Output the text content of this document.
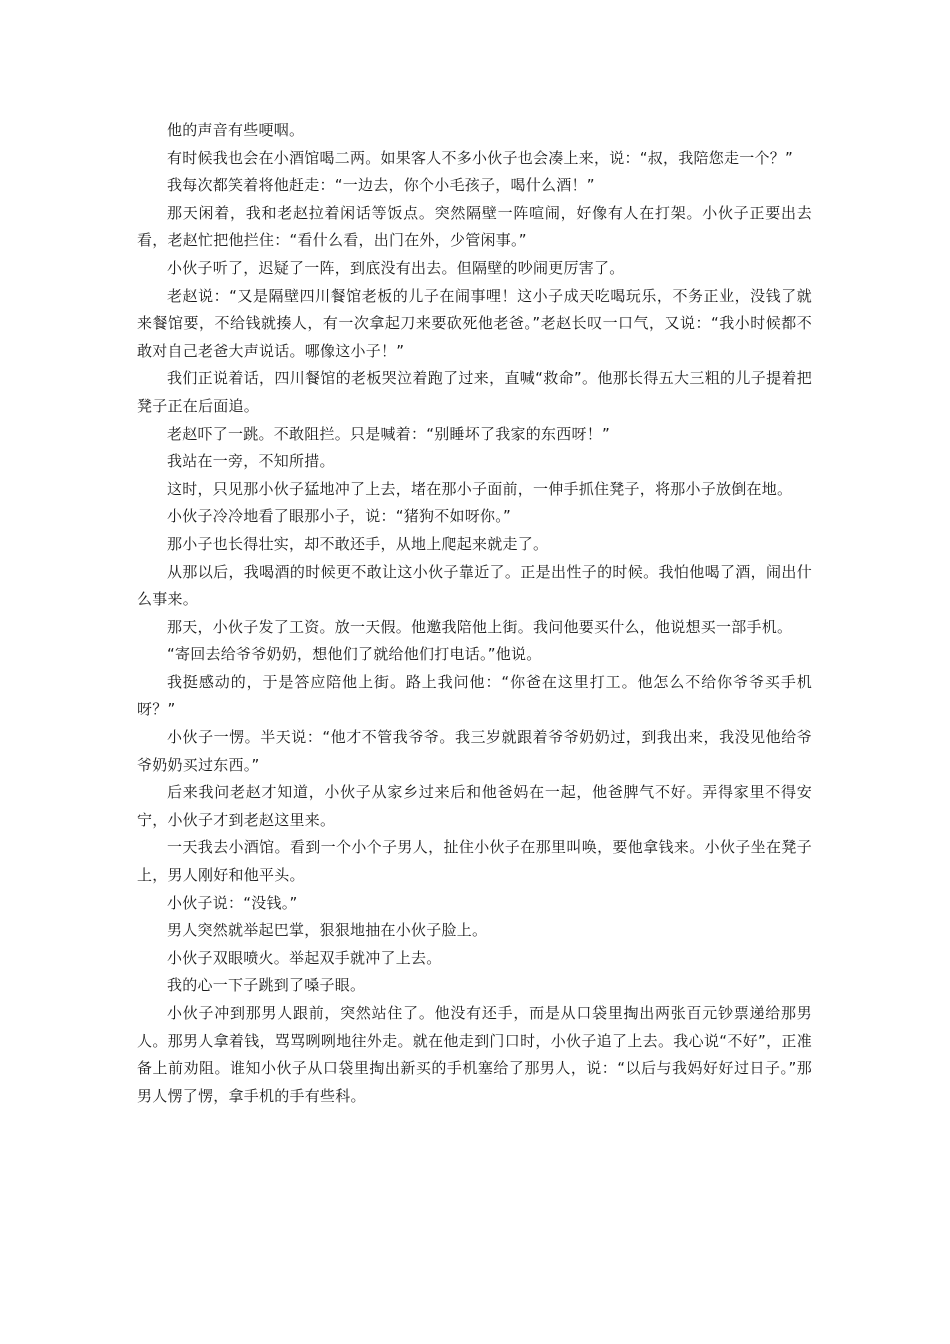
他的声音有些哽咽。

有时候我也会在小酒馆喝二两。如果客人不多小伙子也会凑上来，说：“叔，我陪您走一个？”

我每次都笑着将他赶走：“一边去，你个小毛孩子，喝什么酒！”

那天闲着，我和老赵拉着闲话等饭点。突然隔壁一阵喧闹，好像有人在打架。小伙子正要出去看，老赵忙把他拦住：“看什么看，出门在外，少管闲事。”

小伙子听了，迟疑了一阵，到底没有出去。但隔壁的吵闹更厉害了。

老赵说：“又是隔壁四川餐馆老板的儿子在闹事哩！这小子成天吃喝玩乐，不务正业，没钱了就来餐馆要，不给钱就揍人，有一次拿起刀来要砍死他老爸。”老赵长叹一口气，又说：“我小时候都不敢对自己老爸大声说话。哪像这小子！”

我们正说着话，四川餐馆的老板哭泣着跑了过来，直喊“救命”。他那长得五大三粗的儿子提着把凳子正在后面追。

老赵吓了一跳。不敢阻拦。只是喊着：“别睡坏了我家的东西呀！”

我站在一旁，不知所措。

这时，只见那小伙子猛地冲了上去，堵在那小子面前，一伸手抓住凳子，将那小子放倒在地。

小伙子冷冷地看了眼那小子，说：“猪狗不如呀你。”

那小子也长得壮实，却不敢还手，从地上爬起来就走了。

从那以后，我喝酒的时候更不敢让这小伙子靠近了。正是出性子的时候。我怕他喝了酒，闹出什么事来。

那天，小伙子发了工资。放一天假。他邀我陪他上街。我问他要买什么，他说想买一部手机。

“寄回去给爷爷奶奶，想他们了就给他们打电话。”他说。

我挺感动的，于是答应陪他上街。路上我问他：“你爸在这里打工。他怎么不给你爷爷买手机呀？”

小伙子一愣。半天说：“他才不管我爷爷。我三岁就跟着爷爷奶奶过，到我出来，我没见他给爷爷奶奶买过东西。”

后来我问老赵才知道，小伙子从家乡过来后和他爸妈在一起，他爸脾气不好。弄得家里不得安宁，小伙子才到老赵这里来。

一天我去小酒馆。看到一个小个子男人，扯住小伙子在那里叫唤，要他拿钱来。小伙子坐在凳子上，男人刚好和他平头。

小伙子说：“没钱。”

男人突然就举起巴掌，狠狠地抽在小伙子脸上。

小伙子双眼喷火。举起双手就冲了上去。

我的心一下子跳到了嗓子眼。

小伙子冲到那男人跟前，突然站住了。他没有还手，而是从口袋里掏出两张百元钞票递给那男人。那男人拿着钱，骂骂咧咧地往外走。就在他走到门口时，小伙子追了上去。我心说“不好”，正准备上前劝阻。谁知小伙子从口袋里掏出新买的手机塞给了那男人，说：“以后与我妈好好过日子。”那男人愣了愣，拿手机的手有些科。
